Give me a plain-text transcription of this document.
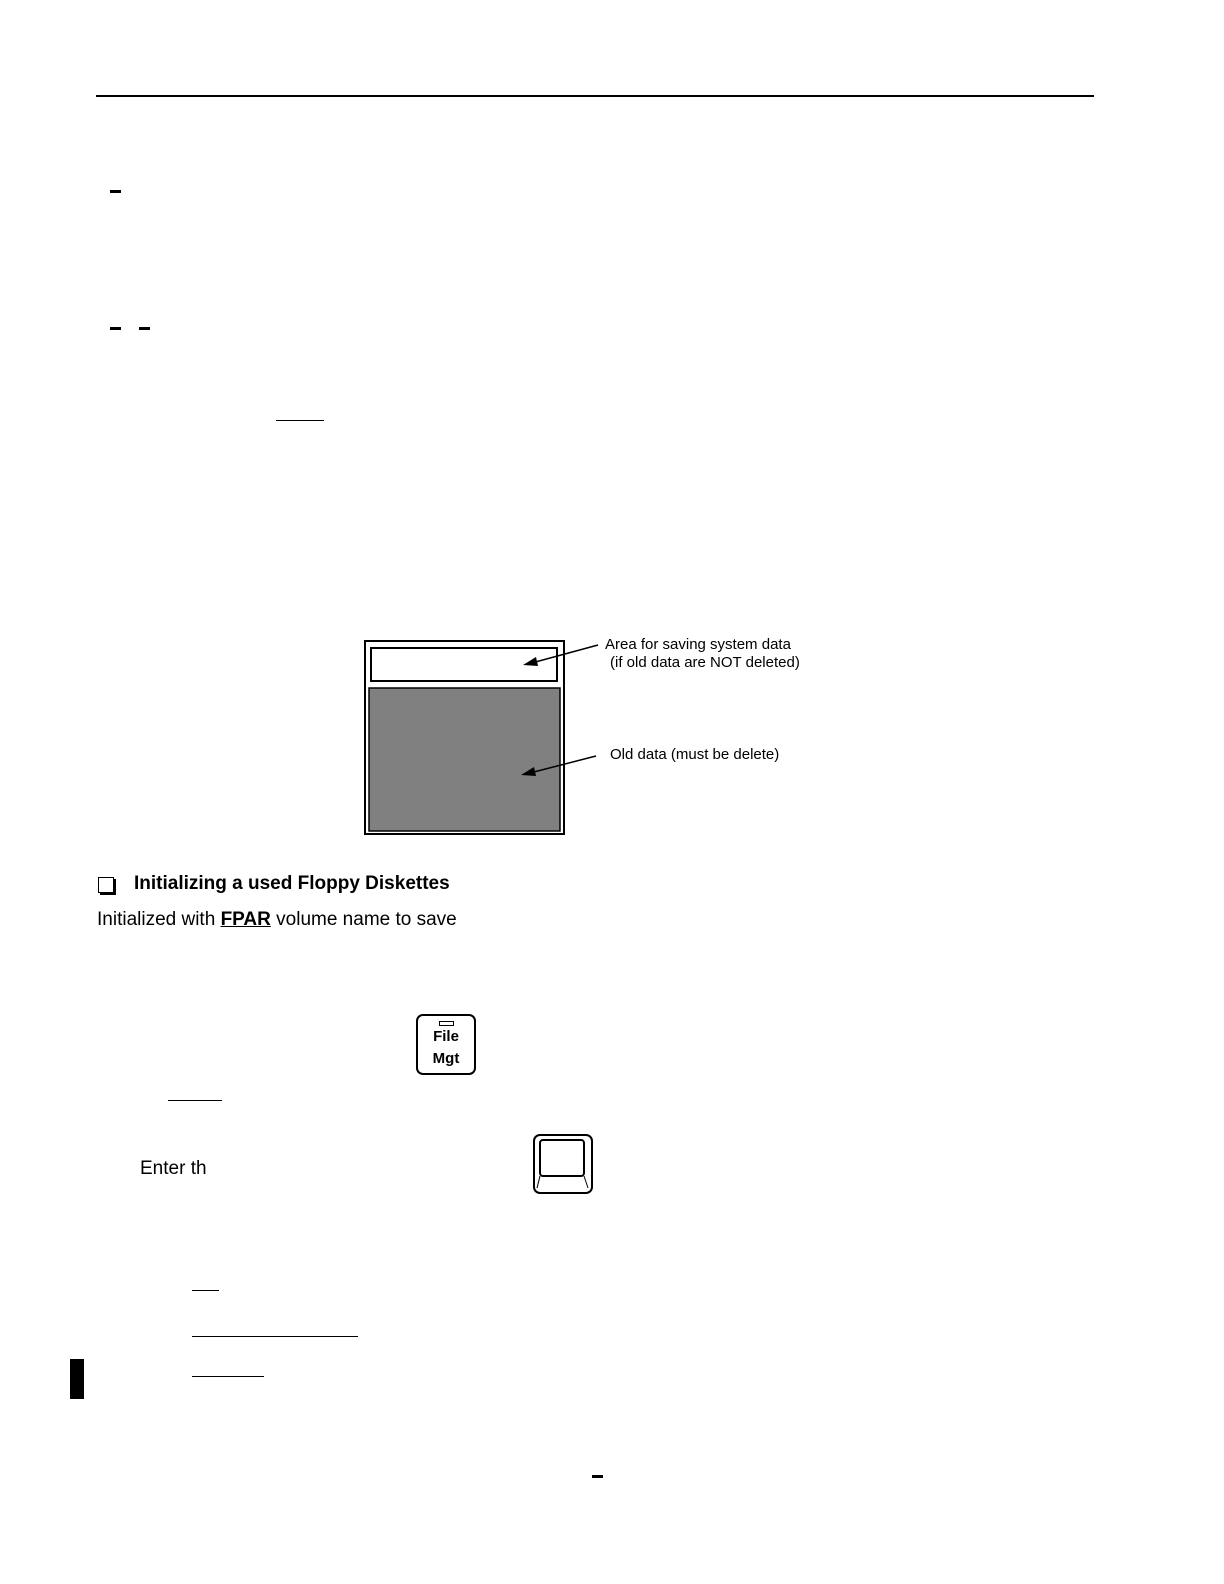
Area for saving system data
(if old data are NOT deleted)
Old data (must be delete)
Initializing a used Floppy Diskettes
Initialized with FPAR volume name to save
File
Mgt
Enter th
